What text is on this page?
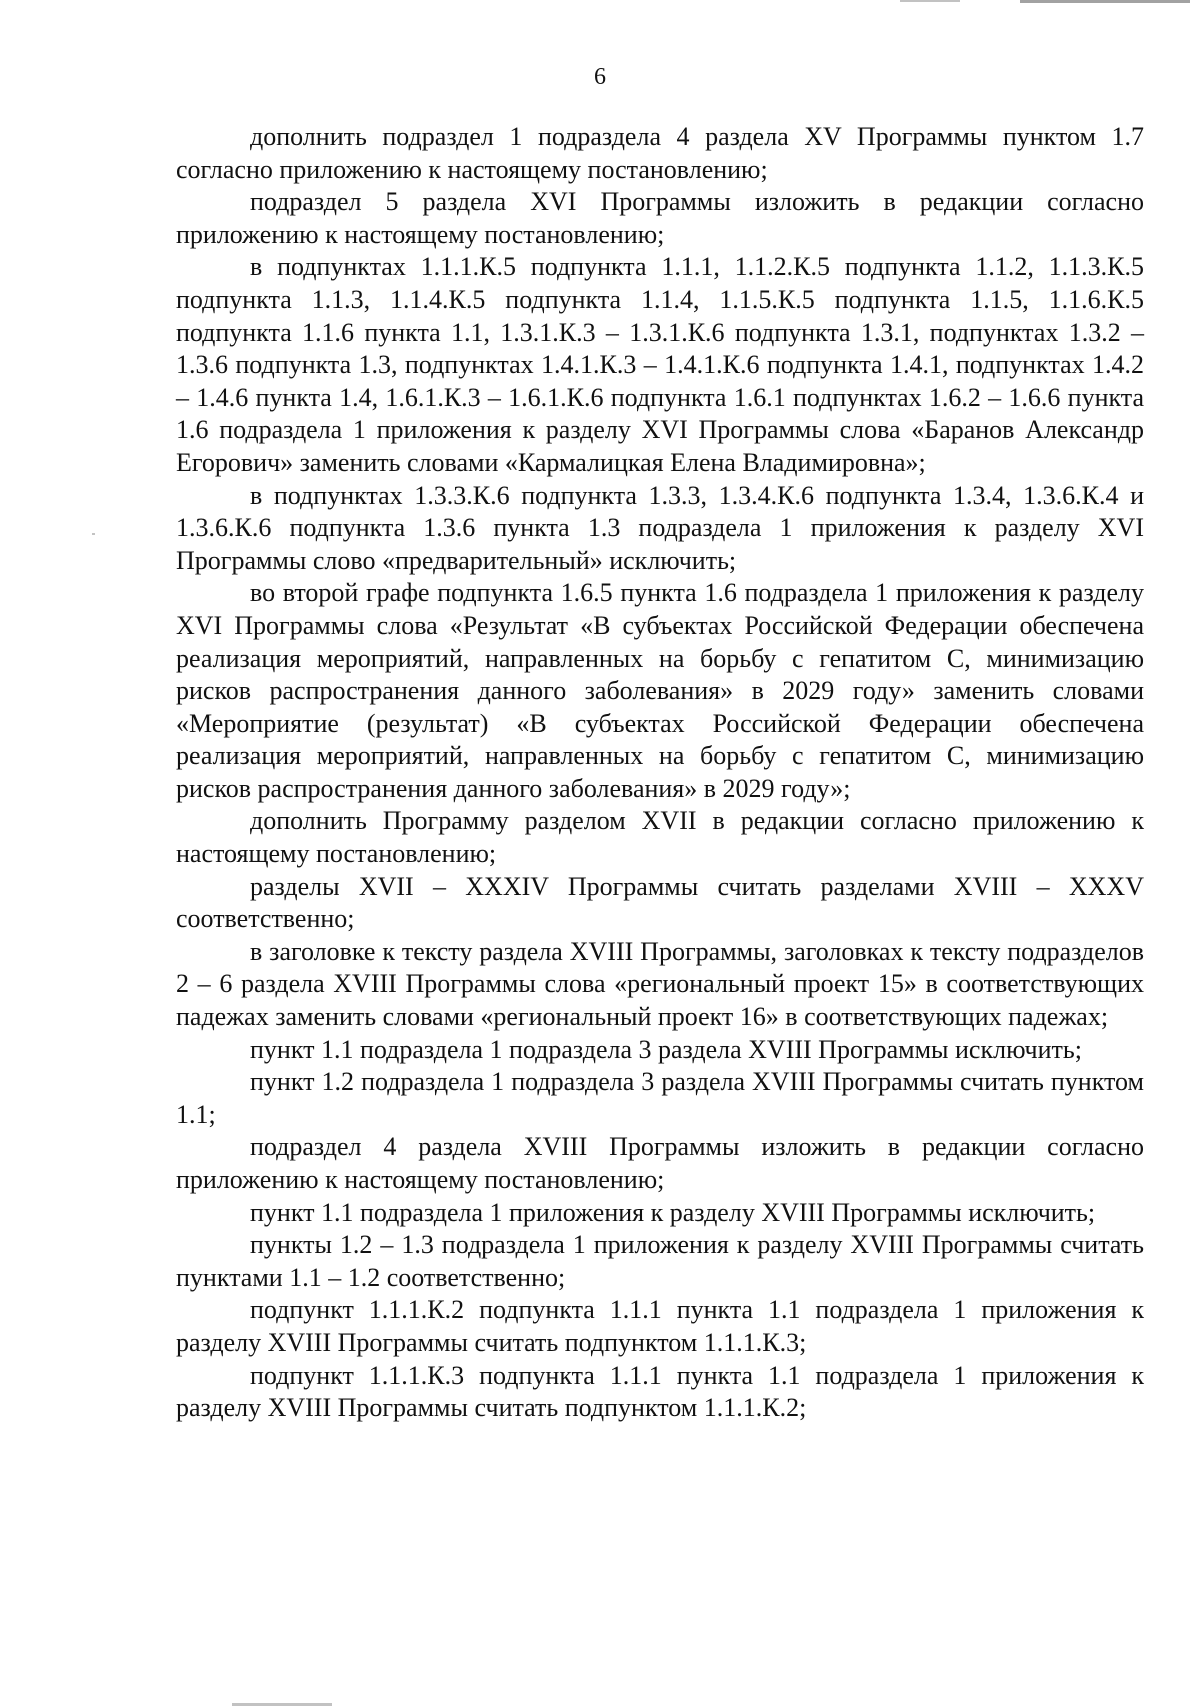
6

дополнить подраздел 1 подраздела 4 раздела XV Программы пунктом 1.7 согласно приложению к настоящему постановлению;

подраздел 5 раздела XVI Программы изложить в редакции согласно приложению к настоящему постановлению;

в подпунктах 1.1.1.К.5 подпункта 1.1.1, 1.1.2.К.5 подпункта 1.1.2, 1.1.3.К.5 подпункта 1.1.3, 1.1.4.К.5 подпункта 1.1.4, 1.1.5.К.5 подпункта 1.1.5, 1.1.6.К.5 подпункта 1.1.6 пункта 1.1, 1.3.1.К.3 – 1.3.1.К.6 подпункта 1.3.1, подпунктах 1.3.2 – 1.3.6 подпункта 1.3, подпунктах 1.4.1.К.3 – 1.4.1.К.6 подпункта 1.4.1, подпунктах 1.4.2 – 1.4.6 пункта 1.4, 1.6.1.К.3 – 1.6.1.К.6 подпункта 1.6.1 подпунктах 1.6.2 – 1.6.6 пункта 1.6 подраздела 1 приложения к разделу XVI Программы слова «Баранов Александр Егорович» заменить словами «Кармалицкая Елена Владимировна»;

в подпунктах 1.3.3.К.6 подпункта 1.3.3, 1.3.4.К.6 подпункта 1.3.4, 1.3.6.К.4 и 1.3.6.К.6 подпункта 1.3.6 пункта 1.3 подраздела 1 приложения к разделу XVI Программы слово «предварительный» исключить;

во второй графе подпункта 1.6.5 пункта 1.6 подраздела 1 приложения к разделу XVI Программы слова «Результат «В субъектах Российской Федерации обеспечена реализация мероприятий, направленных на борьбу с гепатитом С, минимизацию рисков распространения данного заболевания» в 2029 году» заменить словами «Мероприятие (результат) «В субъектах Российской Федерации обеспечена реализация мероприятий, направленных на борьбу с гепатитом С, минимизацию рисков распространения данного заболевания» в 2029 году»;

дополнить Программу разделом XVII в редакции согласно приложению к настоящему постановлению;

разделы XVII – XXXIV Программы считать разделами XVIII – XXXV соответственно;

в заголовке к тексту раздела XVIII Программы, заголовках к тексту подразделов 2 – 6 раздела XVIII Программы слова «региональный проект 15» в соответствующих падежах заменить словами «региональный проект 16» в соответствующих падежах;

пункт 1.1 подраздела 1 подраздела 3 раздела XVIII Программы исключить;

пункт 1.2 подраздела 1 подраздела 3 раздела XVIII Программы считать пунктом 1.1;

подраздел 4 раздела XVIII Программы изложить в редакции согласно приложению к настоящему постановлению;

пункт 1.1 подраздела 1 приложения к разделу XVIII Программы исключить;

пункты 1.2 – 1.3 подраздела 1 приложения к разделу XVIII Программы считать пунктами 1.1 – 1.2 соответственно;

подпункт 1.1.1.К.2 подпункта 1.1.1 пункта 1.1 подраздела 1 приложения к разделу XVIII Программы считать подпунктом 1.1.1.К.3;

подпункт 1.1.1.К.3 подпункта 1.1.1 пункта 1.1 подраздела 1 приложения к разделу XVIII Программы считать подпунктом 1.1.1.К.2;
